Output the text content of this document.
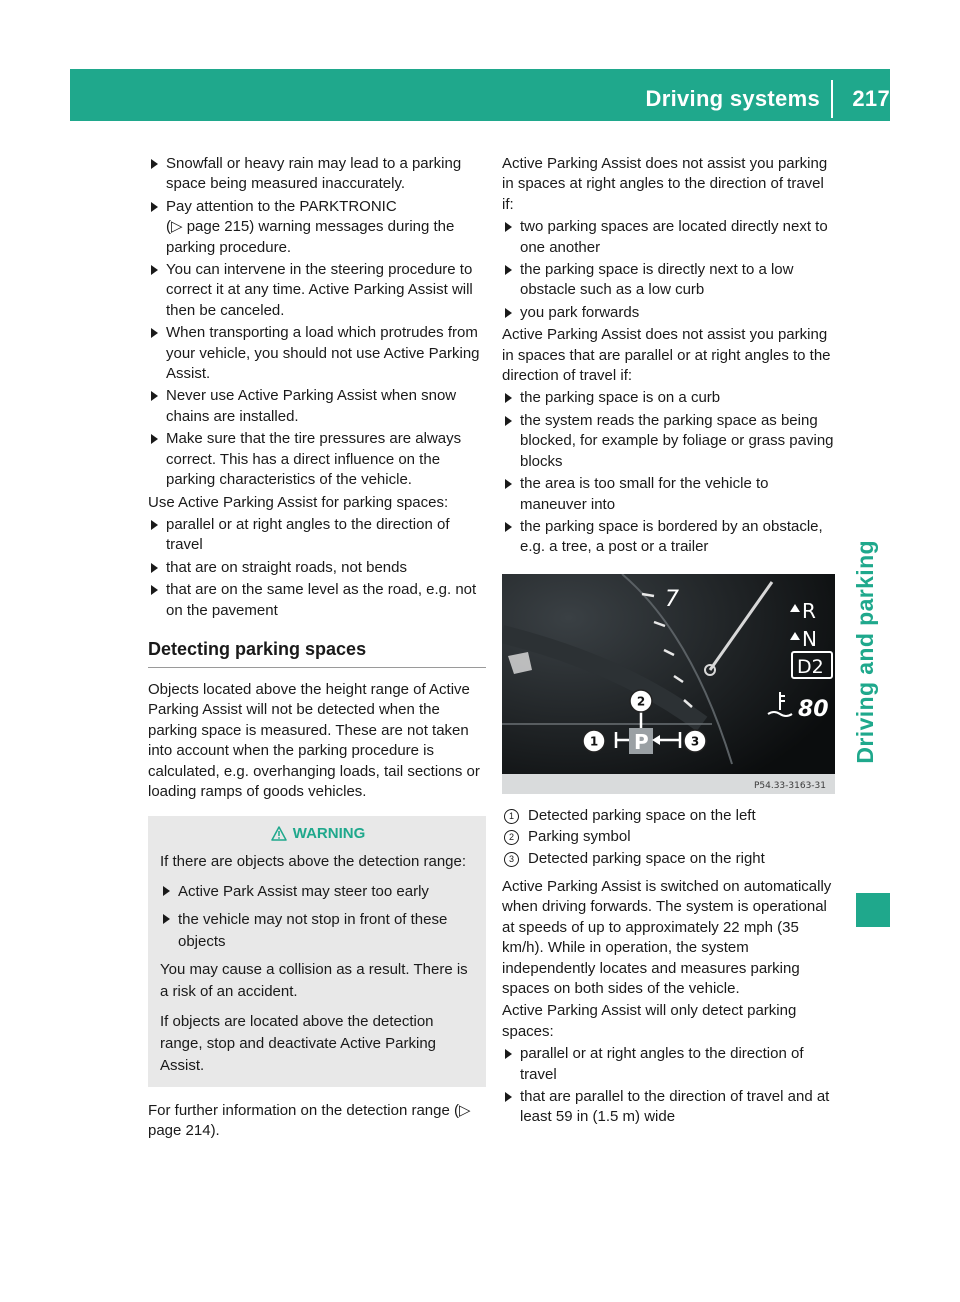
Driving systems 217
Driving and parking
Snowfall or heavy rain may lead to a parking space being measured inaccurately.
Pay attention to the PARKTRONIC
(▷ page 215) warning messages during the parking procedure.
You can intervene in the steering procedure to correct it at any time. Active Parking Assist will then be canceled.
When transporting a load which protrudes from your vehicle, you should not use Active Parking Assist.
Never use Active Parking Assist when snow chains are installed.
Make sure that the tire pressures are always correct. This has a direct influence on the parking characteristics of the vehicle.

Use Active Parking Assist for parking spaces:

parallel or at right angles to the direction of travel
that are on straight roads, not bends
that are on the same level as the road, e.g. not on the pavement
Detecting parking spaces

Objects located above the height range of Active Parking Assist will not be detected when the parking space is measured. These are not taken into account when the parking procedure is calculated, e.g. overhanging loads, tail sections or loading ramps of goods vehicles.

WARNING

If there are objects above the detection range:

Active Park Assist may steer too early
the vehicle may not stop in front of these objects

You may cause a collision as a result. There is a risk of an accident.

If objects are located above the detection range, stop and deactivate Active Parking Assist.

For further information on the detection range (▷ page 214).

Active Parking Assist does not assist you parking in spaces at right angles to the direction of travel if:

two parking spaces are located directly next to one another
the parking space is directly next to a low obstacle such as a low curb
you park forwards

Active Parking Assist does not assist you parking in spaces that are parallel or at right angles to the direction of travel if:

the parking space is on a curb
the system reads the parking space as being blocked, for example by foliage or grass paving blocks
the area is too small for the vehicle to maneuver into
the parking space is bordered by an obstacle, e.g. a tree, a post or a trailer
7	R
N
D2
80
P
1
2
3
P54.33-3163-31
1 Detected parking space on the left
2 Parking symbol
3 Detected parking space on the right

Active Parking Assist is switched on automatically when driving forwards. The system is operational at speeds of up to approximately 22 mph (35 km/h). While in operation, the system independently locates and measures parking spaces on both sides of the vehicle.

Active Parking Assist will only detect parking spaces:

parallel or at right angles to the direction of travel
that are parallel to the direction of travel and at least 59 in (1.5 m) wide
